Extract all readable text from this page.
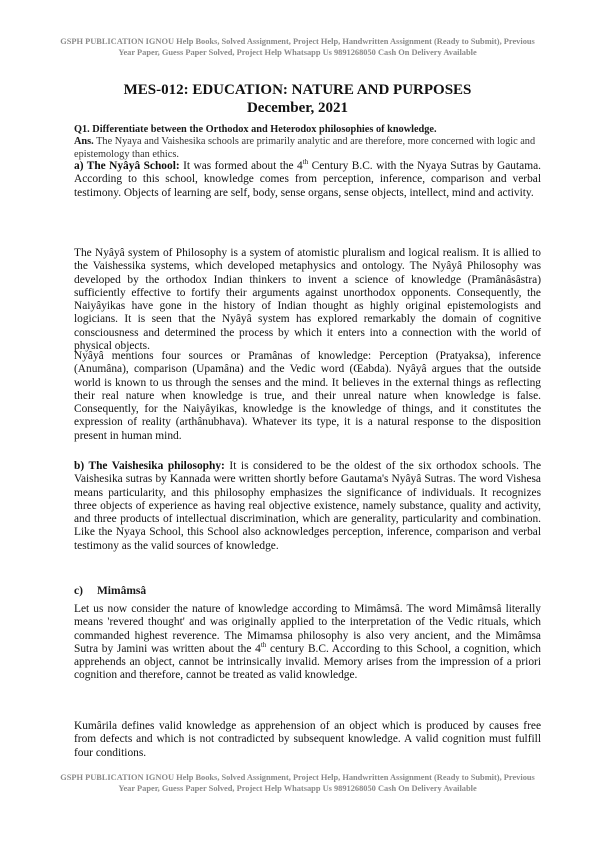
GSPH PUBLICATION IGNOU Help Books, Solved Assignment, Project Help, Handwritten Assignment (Ready to Submit), Previous Year Paper, Guess Paper Solved, Project Help Whatsapp Us 9891268050 Cash On Delivery Available
MES-012: EDUCATION: NATURE AND PURPOSES
December, 2021
Q1. Differentiate between the Orthodox and Heterodox philosophies of knowledge.
Ans. The Nyaya and Vaishesika schools are primarily analytic and are therefore, more concerned with logic and epistemology than ethics.
a) The Nyâyâ School: It was formed about the 4th Century B.C. with the Nyaya Sutras by Gautama. According to this school, knowledge comes from perception, inference, comparison and verbal testimony. Objects of learning are self, body, sense organs, sense objects, intellect, mind and activity.
The Nyâyâ system of Philosophy is a system of atomistic pluralism and logical realism. It is allied to the Vaishessika systems, which developed metaphysics and ontology. The Nyâyâ Philosophy was developed by the orthodox Indian thinkers to invent a science of knowledge (Pramânâsâstra) sufficiently effective to fortify their arguments against unorthodox opponents. Consequently, the Naiyâyikas have gone in the history of Indian thought as highly original epistemologists and logicians. It is seen that the Nyâyâ system has explored remarkably the domain of cognitive consciousness and determined the process by which it enters into a connection with the world of physical objects.
Nyâyâ mentions four sources or Pramânas of knowledge: Perception (Pratyaksa), inference (Anumâna), comparison (Upamâna) and the Vedic word (Œabda). Nyâyâ argues that the outside world is known to us through the senses and the mind. It believes in the external things as reflecting their real nature when knowledge is true, and their unreal nature when knowledge is false. Consequently, for the Naiyâyikas, knowledge is the knowledge of things, and it constitutes the expression of reality (arthânubhava). Whatever its type, it is a natural response to the disposition present in human mind.
b) The Vaishesika philosophy: It is considered to be the oldest of the six orthodox schools. The Vaishesika sutras by Kannada were written shortly before Gautama's Nyâyâ Sutras. The word Vishesa means particularity, and this philosophy emphasizes the significance of individuals. It recognizes three objects of experience as having real objective existence, namely substance, quality and activity, and three products of intellectual discrimination, which are generality, particularity and combination. Like the Nyaya School, this School also acknowledges perception, inference, comparison and verbal testimony as the valid sources of knowledge.
c) Mimâmsâ
Let us now consider the nature of knowledge according to Mimâmsâ. The word Mimâmsâ literally means 'revered thought' and was originally applied to the interpretation of the Vedic rituals, which commanded highest reverence. The Mimamsa philosophy is also very ancient, and the Mimâmsa Sutra by Jamini was written about the 4th century B.C. According to this School, a cognition, which apprehends an object, cannot be intrinsically invalid. Memory arises from the impression of a priori cognition and therefore, cannot be treated as valid knowledge.
Kumârila defines valid knowledge as apprehension of an object which is produced by causes free from defects and which is not contradicted by subsequent knowledge. A valid cognition must fulfill four conditions.
GSPH PUBLICATION IGNOU Help Books, Solved Assignment, Project Help, Handwritten Assignment (Ready to Submit), Previous Year Paper, Guess Paper Solved, Project Help Whatsapp Us 9891268050 Cash On Delivery Available
